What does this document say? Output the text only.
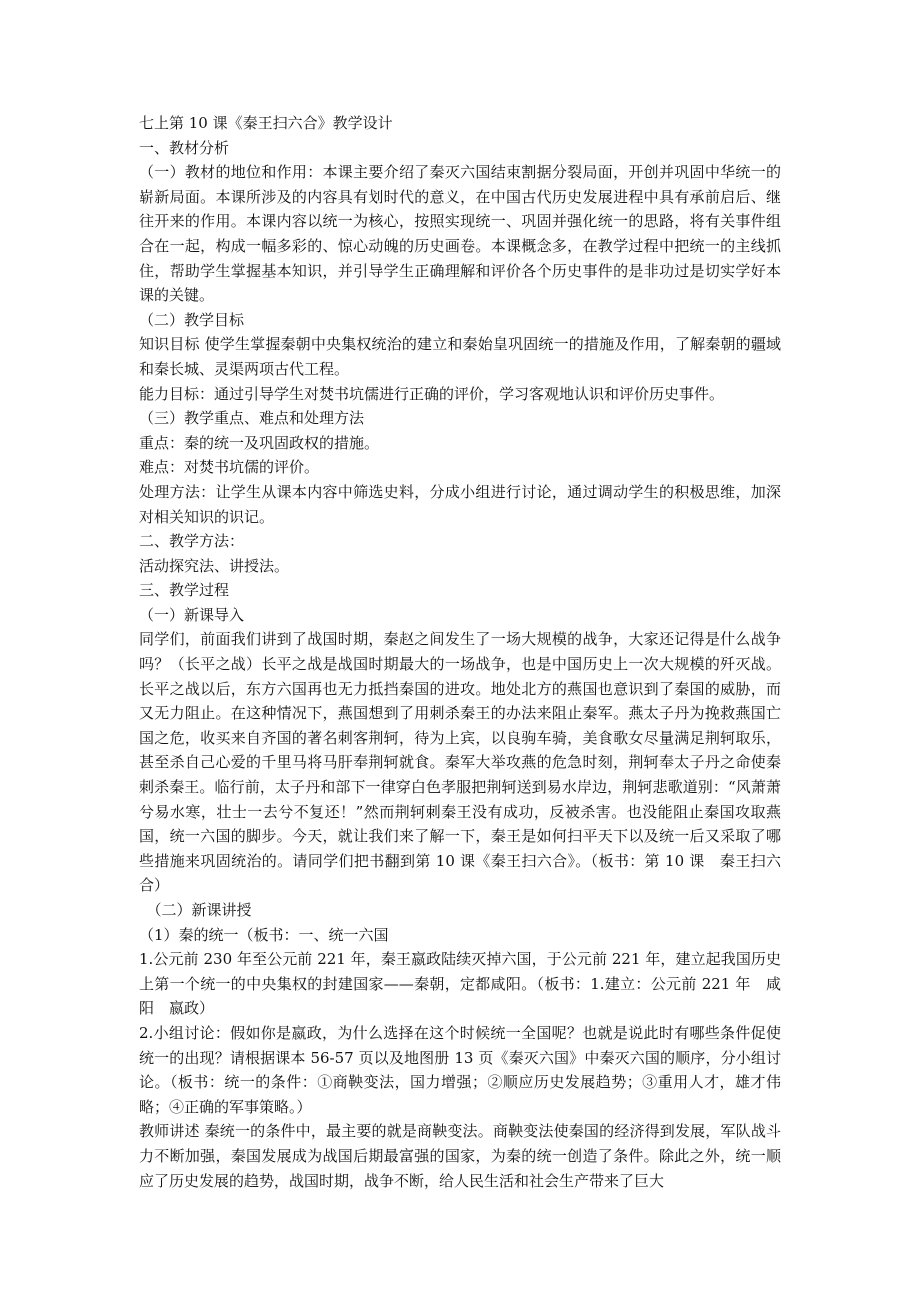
七上第 10 课《秦王扫六合》教学设计

一、教材分析

（一）教材的地位和作用：本课主要介绍了秦灭六国结束割据分裂局面，开创并巩固中华统一的崭新局面。本课所涉及的内容具有划时代的意义，在中国古代历史发展进程中具有承前启后、继往开来的作用。本课内容以统一为核心，按照实现统一、巩固并强化统一的思路，将有关事件组合在一起，构成一幅多彩的、惊心动魄的历史画卷。本课概念多，在教学过程中把统一的主线抓住，帮助学生掌握基本知识，并引导学生正确理解和评价各个历史事件的是非功过是切实学好本课的关键。

（二）教学目标

知识目标 使学生掌握秦朝中央集权统治的建立和秦始皇巩固统一的措施及作用，了解秦朝的疆域和秦长城、灵渠两项古代工程。

能力目标：通过引导学生对焚书坑儒进行正确的评价，学习客观地认识和评价历史事件。

（三）教学重点、难点和处理方法

重点：秦的统一及巩固政权的措施。

难点：对焚书坑儒的评价。

处理方法：让学生从课本内容中筛选史料，分成小组进行讨论，通过调动学生的积极思维，加深对相关知识的识记。

二、教学方法：

活动探究法、讲授法。

三、教学过程

（一）新课导入

同学们，前面我们讲到了战国时期，秦赵之间发生了一场大规模的战争，大家还记得是什么战争吗？（长平之战）长平之战是战国时期最大的一场战争，也是中国历史上一次大规模的歼灭战。长平之战以后，东方六国再也无力抵挡秦国的进攻。地处北方的燕国也意识到了秦国的威胁，而又无力阻止。在这种情况下，燕国想到了用刺杀秦王的办法来阻止秦军。燕太子丹为挽救燕国亡国之危，收买来自齐国的著名刺客荆轲，待为上宾，以良驹车骑，美食歌女尽量满足荆轲取乐，甚至杀自己心爱的千里马将马肝奉荆轲就食。秦军大举攻燕的危急时刻，荆轲奉太子丹之命使秦刺杀秦王。临行前，太子丹和部下一律穿白色孝服把荆轲送到易水岸边，荆轲悲歌道别：“风萧萧兮易水寒，壮士一去兮不复还！”然而荆轲刺秦王没有成功，反被杀害。也没能阻止秦国攻取燕国，统一六国的脚步。今天，就让我们来了解一下，秦王是如何扫平天下以及统一后又采取了哪些措施来巩固统治的。请同学们把书翻到第 10 课《秦王扫六合》。（板书：第 10 课　秦王扫六合）

　（二）新课讲授

（1）秦的统一（板书：一、统一六国

1.公元前 230 年至公元前 221 年，秦王嬴政陆续灭掉六国，于公元前 221 年，建立起我国历史上第一个统一的中央集权的封建国家——秦朝，定都咸阳。（板书：1.建立：公元前 221 年　咸阳　嬴政）

2.小组讨论：假如你是嬴政，为什么选择在这个时候统一全国呢？也就是说此时有哪些条件促使统一的出现？请根据课本 56-57 页以及地图册 13 页《秦灭六国》中秦灭六国的顺序，分小组讨论。（板书：统一的条件：①商鞅变法，国力增强；②顺应历史发展趋势；③重用人才，雄才伟略；④正确的军事策略。）

教师讲述 秦统一的条件中，最主要的就是商鞅变法。商鞅变法使秦国的经济得到发展，军队战斗力不断加强，秦国发展成为战国后期最富强的国家，为秦的统一创造了条件。除此之外，统一顺应了历史发展的趋势，战国时期，战争不断，给人民生活和社会生产带来了巨大
